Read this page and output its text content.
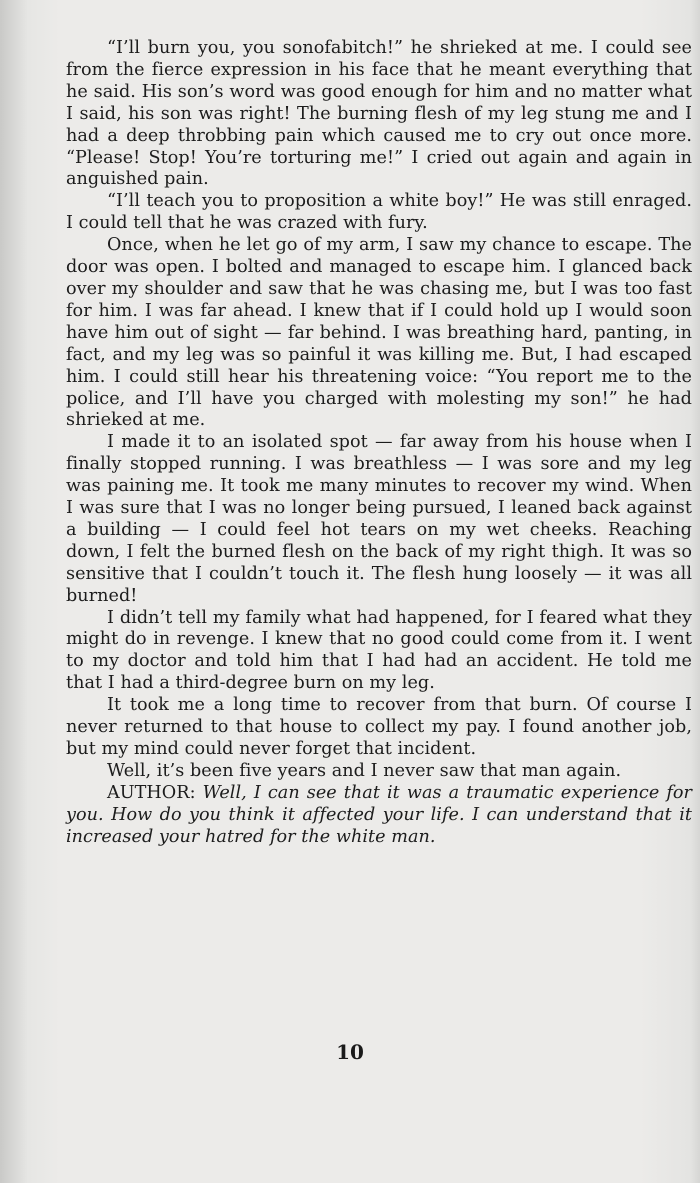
“I’ll burn you, you sonofabitch!” he shrieked at me. I could see from the fierce expression in his face that he meant everything that he said. His son’s word was good enough for him and no matter what I said, his son was right! The burning flesh of my leg stung me and I had a deep throbbing pain which caused me to cry out once more. “Please! Stop! You’re torturing me!” I cried out again and again in anguished pain.

“I’ll teach you to proposition a white boy!” He was still enraged. I could tell that he was crazed with fury.

Once, when he let go of my arm, I saw my chance to escape. The door was open. I bolted and managed to escape him. I glanced back over my shoulder and saw that he was chasing me, but I was too fast for him. I was far ahead. I knew that if I could hold up I would soon have him out of sight — far behind. I was breathing hard, panting, in fact, and my leg was so painful it was killing me. But, I had escaped him. I could still hear his threatening voice: “You report me to the police, and I’ll have you charged with molesting my son!” he had shrieked at me.

I made it to an isolated spot — far away from his house when I finally stopped running. I was breathless — I was sore and my leg was paining me. It took me many minutes to recover my wind. When I was sure that I was no longer being pursued, I leaned back against a building — I could feel hot tears on my wet cheeks. Reaching down, I felt the burned flesh on the back of my right thigh. It was so sensitive that I couldn’t touch it. The flesh hung loosely — it was all burned!

I didn’t tell my family what had happened, for I feared what they might do in revenge. I knew that no good could come from it. I went to my doctor and told him that I had had an accident. He told me that I had a third-degree burn on my leg.

It took me a long time to recover from that burn. Of course I never returned to that house to collect my pay. I found another job, but my mind could never forget that incident.

Well, it’s been five years and I never saw that man again.

AUTHOR: Well, I can see that it was a traumatic experience for you. How do you think it affected your life. I can understand that it increased your hatred for the white man.

10
